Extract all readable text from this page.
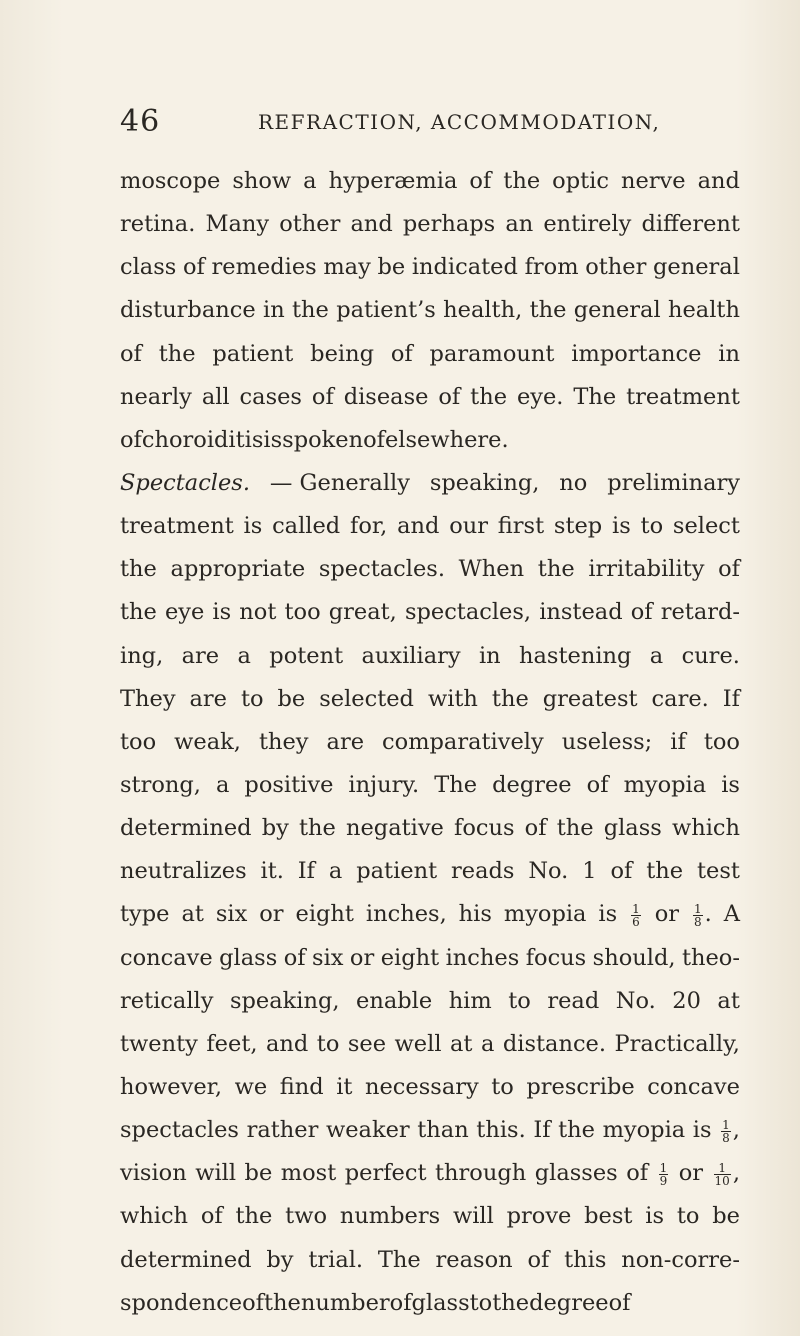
46	REFRACTION, ACCOMMODATION,
moscope show a hyperæmia of the optic nerve and
retina. Many other and perhaps an entirely different
class of remedies may be indicated from other general
disturbance in the patient’s health, the general health
of the patient being of paramount importance in
nearly all cases of disease of the eye. The treatment
of choroiditis is spoken of elsewhere.
Spectacles. — Generally speaking, no preliminary
treatment is called for, and our first step is to select
the appropriate spectacles. When the irritability of
the eye is not too great, spectacles, instead of retard-
ing, are a potent auxiliary in hastening a cure.
They are to be selected with the greatest care. If
too weak, they are comparatively useless; if too
strong, a positive injury. The degree of myopia is
determined by the negative focus of the glass which
neutralizes it. If a patient reads No. 1 of the test
type at six or eight inches, his myopia is $\frac{1}{6}$ or $\frac{1}{8}$ . A
concave glass of six or eight inches focus should, theo-
retically speaking, enable him to read No. 20 at
twenty feet, and to see well at a distance. Practically,
however, we find it necessary to prescribe concave
spectacles rather weaker than this. If the myopia is $\frac{1}{8}$ ,
vision will be most perfect through glasses of $\frac{1}{9}$ or $\frac{1}{10}$ ,
which of the two numbers will prove best is to be
determined by trial. The reason of this non-corre-
spondence of the number of glass to the degree of
